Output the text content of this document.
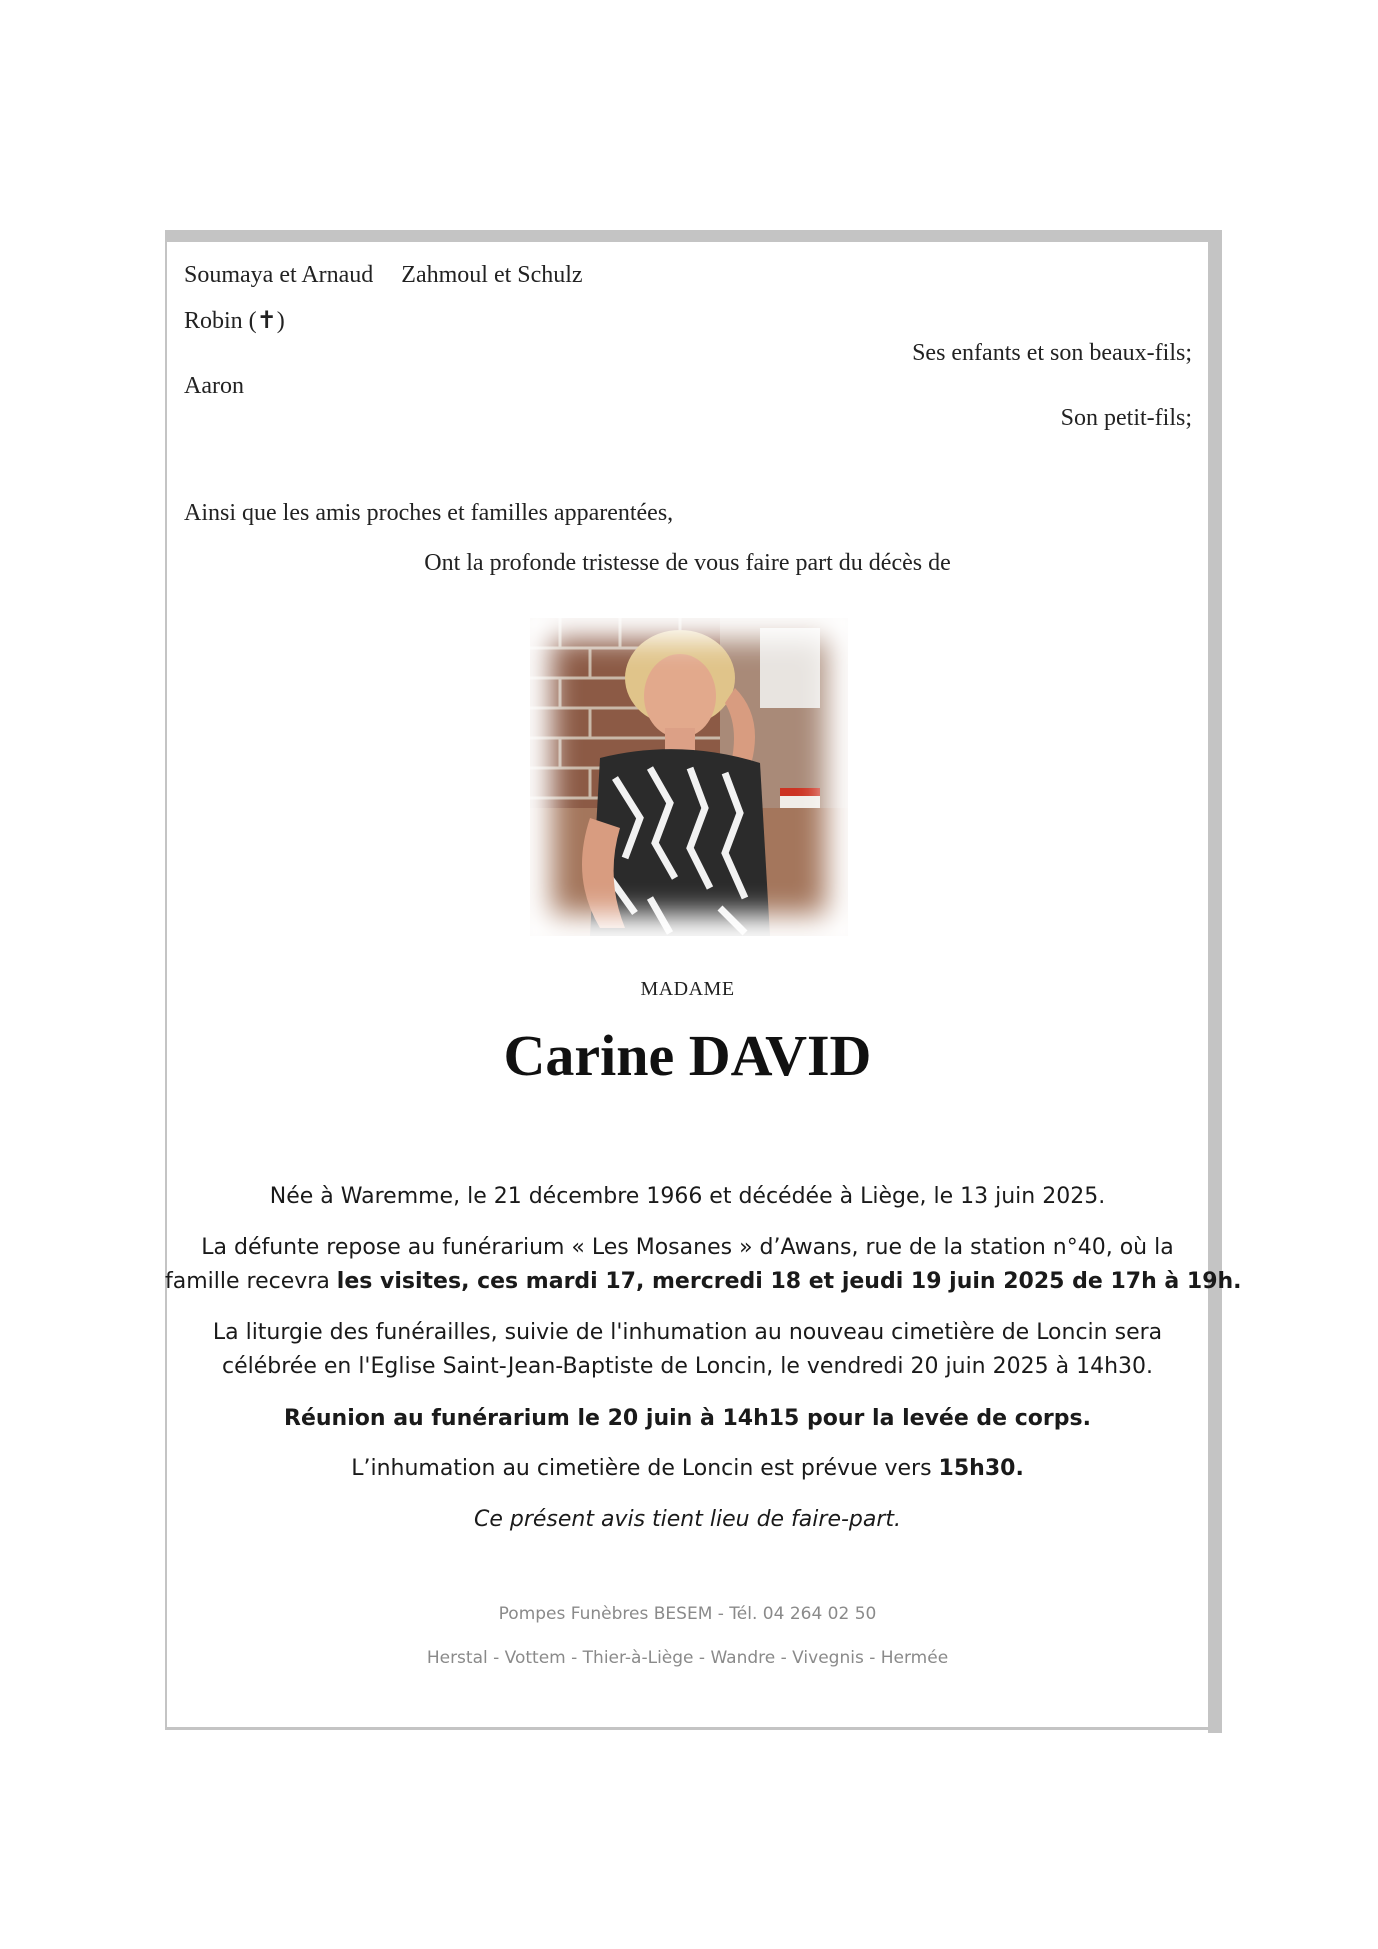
Soumaya et Arnaud Zahmoul et Schulz
Robin (✝)
Ses enfants et son beaux-fils;
Aaron
Son petit-fils;
Ainsi que les amis proches et familles apparentées,
Ont la profonde tristesse de vous faire part du décès de
MADAME
Carine DAVID
Née à Waremme, le 21 décembre 1966 et décédée à Liège, le 13 juin 2025.
La défunte repose au funérarium « Les Mosanes » d’Awans, rue de la station n°40, où la
famille recevra les visites, ces mardi 17, mercredi 18 et jeudi 19 juin 2025 de 17h à 19h.
La liturgie des funérailles, suivie de l'inhumation au nouveau cimetière de Loncin sera
célébrée en l'Eglise Saint-Jean-Baptiste de Loncin, le vendredi 20 juin 2025 à 14h30.
Réunion au funérarium le 20 juin à 14h15 pour la levée de corps.
L’inhumation au cimetière de Loncin est prévue vers 15h30.
Ce présent avis tient lieu de faire-part.
Pompes Funèbres BESEM - Tél. 04 264 02 50
Herstal - Vottem - Thier-à-Liège - Wandre - Vivegnis - Hermée
